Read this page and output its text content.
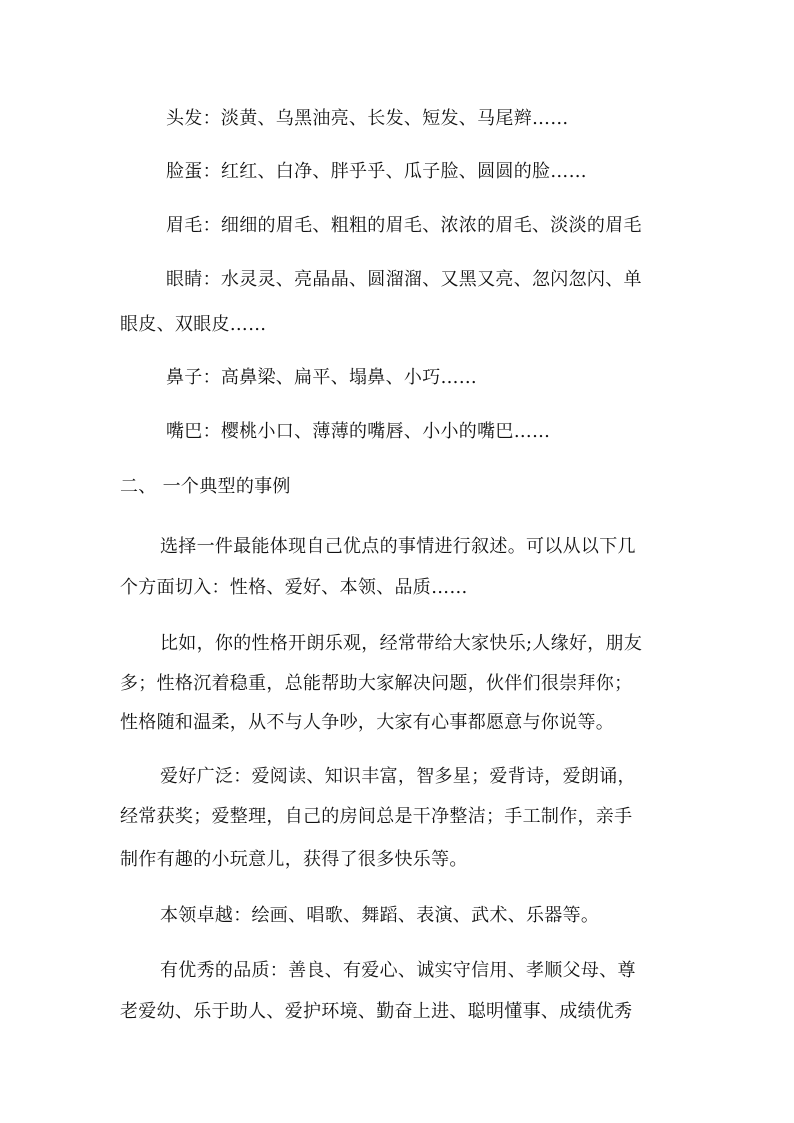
头发：淡黄、乌黑油亮、长发、短发、马尾辫……
脸蛋：红红、白净、胖乎乎、瓜子脸、圆圆的脸……
眉毛：细细的眉毛、粗粗的眉毛、浓浓的眉毛、淡淡的眉毛
眼睛：水灵灵、亮晶晶、圆溜溜、又黑又亮、忽闪忽闪、单
眼皮、双眼皮……
鼻子：高鼻梁、扁平、塌鼻、小巧……
嘴巴：樱桃小口、薄薄的嘴唇、小小的嘴巴……
二、 一个典型的事例
选择一件最能体现自己优点的事情进行叙述。可以从以下几
个方面切入：性格、爱好、本领、品质……
比如，你的性格开朗乐观，经常带给大家快乐;人缘好，朋友
多；性格沉着稳重，总能帮助大家解决问题，伙伴们很崇拜你；
性格随和温柔，从不与人争吵，大家有心事都愿意与你说等。
爱好广泛：爱阅读、知识丰富，智多星；爱背诗，爱朗诵，
经常获奖；爱整理，自己的房间总是干净整洁；手工制作，亲手
制作有趣的小玩意儿，获得了很多快乐等。
本领卓越：绘画、唱歌、舞蹈、表演、武术、乐器等。
有优秀的品质：善良、有爱心、诚实守信用、孝顺父母、尊
老爱幼、乐于助人、爱护环境、勤奋上进、聪明懂事、成绩优秀
